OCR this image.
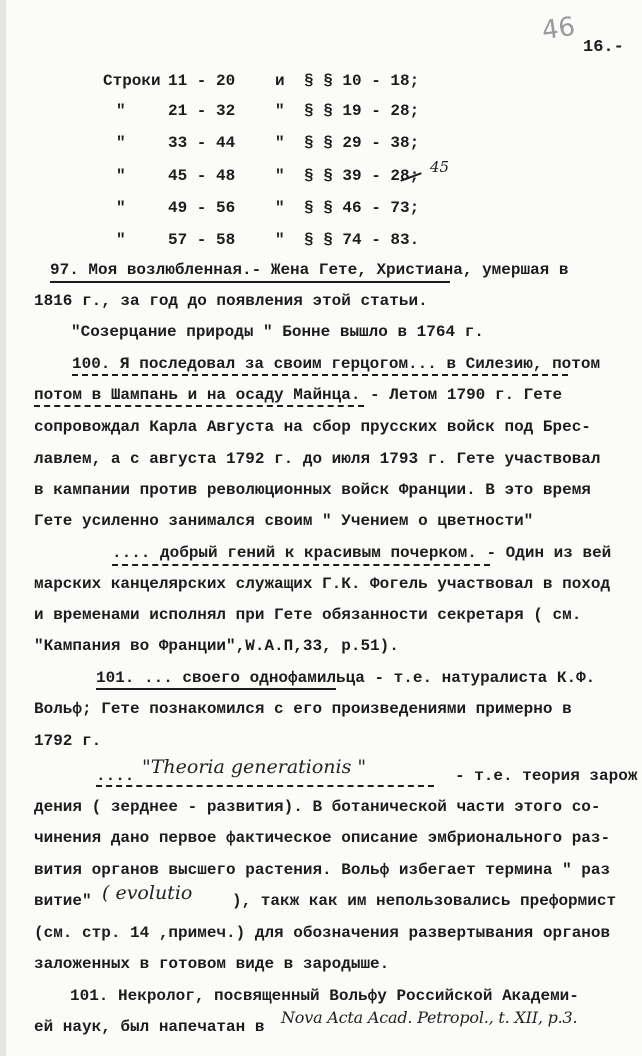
46
16.-
Строки 11 - 20	и § § 10 - 18;
"	21 - 32	" § § 19 - 28;
"	33 - 44	" § § 29 - 38;
"	45 - 48	" § § 39 - 28; 45
"	49 - 56	" § § 46 - 73;
"	57 - 58	" § § 74 - 83.
97. Моя возлюбленная.- Жена Гете, Христиана, умершая в
1816 г., за год до появления этой статьи.
"Созерцание природы " Бонне вышло в 1764 г.
100. Я последовал за своим герцогом... в Силезию, потом
потом в Шампань и на осаду Майнца. - Летом 1790 г. Гете
сопровождал Карла Августа на сбор прусских войск под Брес-
лавлем, а с августа 1792 г. до июля 1793 г. Гете участвовал
в кампании против революционных войск Франции. В это время
Гете усиленно занимался своим " Учением о цветности"
.... добрый гений к красивым почерком. - Один из вей
марских канцелярских служащих Г.К. Фогель участвовал в поход
и временами исполнял при Гете обязанности секретаря ( см.
"Кампания во Франции",W.A.П,33, р.51).
101. ... своего однофамильца - т.е. натуралиста К.Ф.
Вольф; Гете познакомился с его произведениями примерно в
1792 г.
.... "Theoria generationis "	- т.е. теория зарож
дения ( зерднее - развития). В ботанической части этого со-
чинения дано первое фактическое описание эмбрионального раз-
вития органов высшего растения. Вольф избегает термина " раз
витие" ( evolutio ), такж как им непользовались преформист
(см. стр. 14 ,примеч.) для обозначения развертывания органов
заложенных в готовом виде в зародыше.
101. Некролог, посвященный Вольфу Российской Академи-
ей наук, был напечатан в Nova Acta Acad. Petropol., t. XII, p.3.
